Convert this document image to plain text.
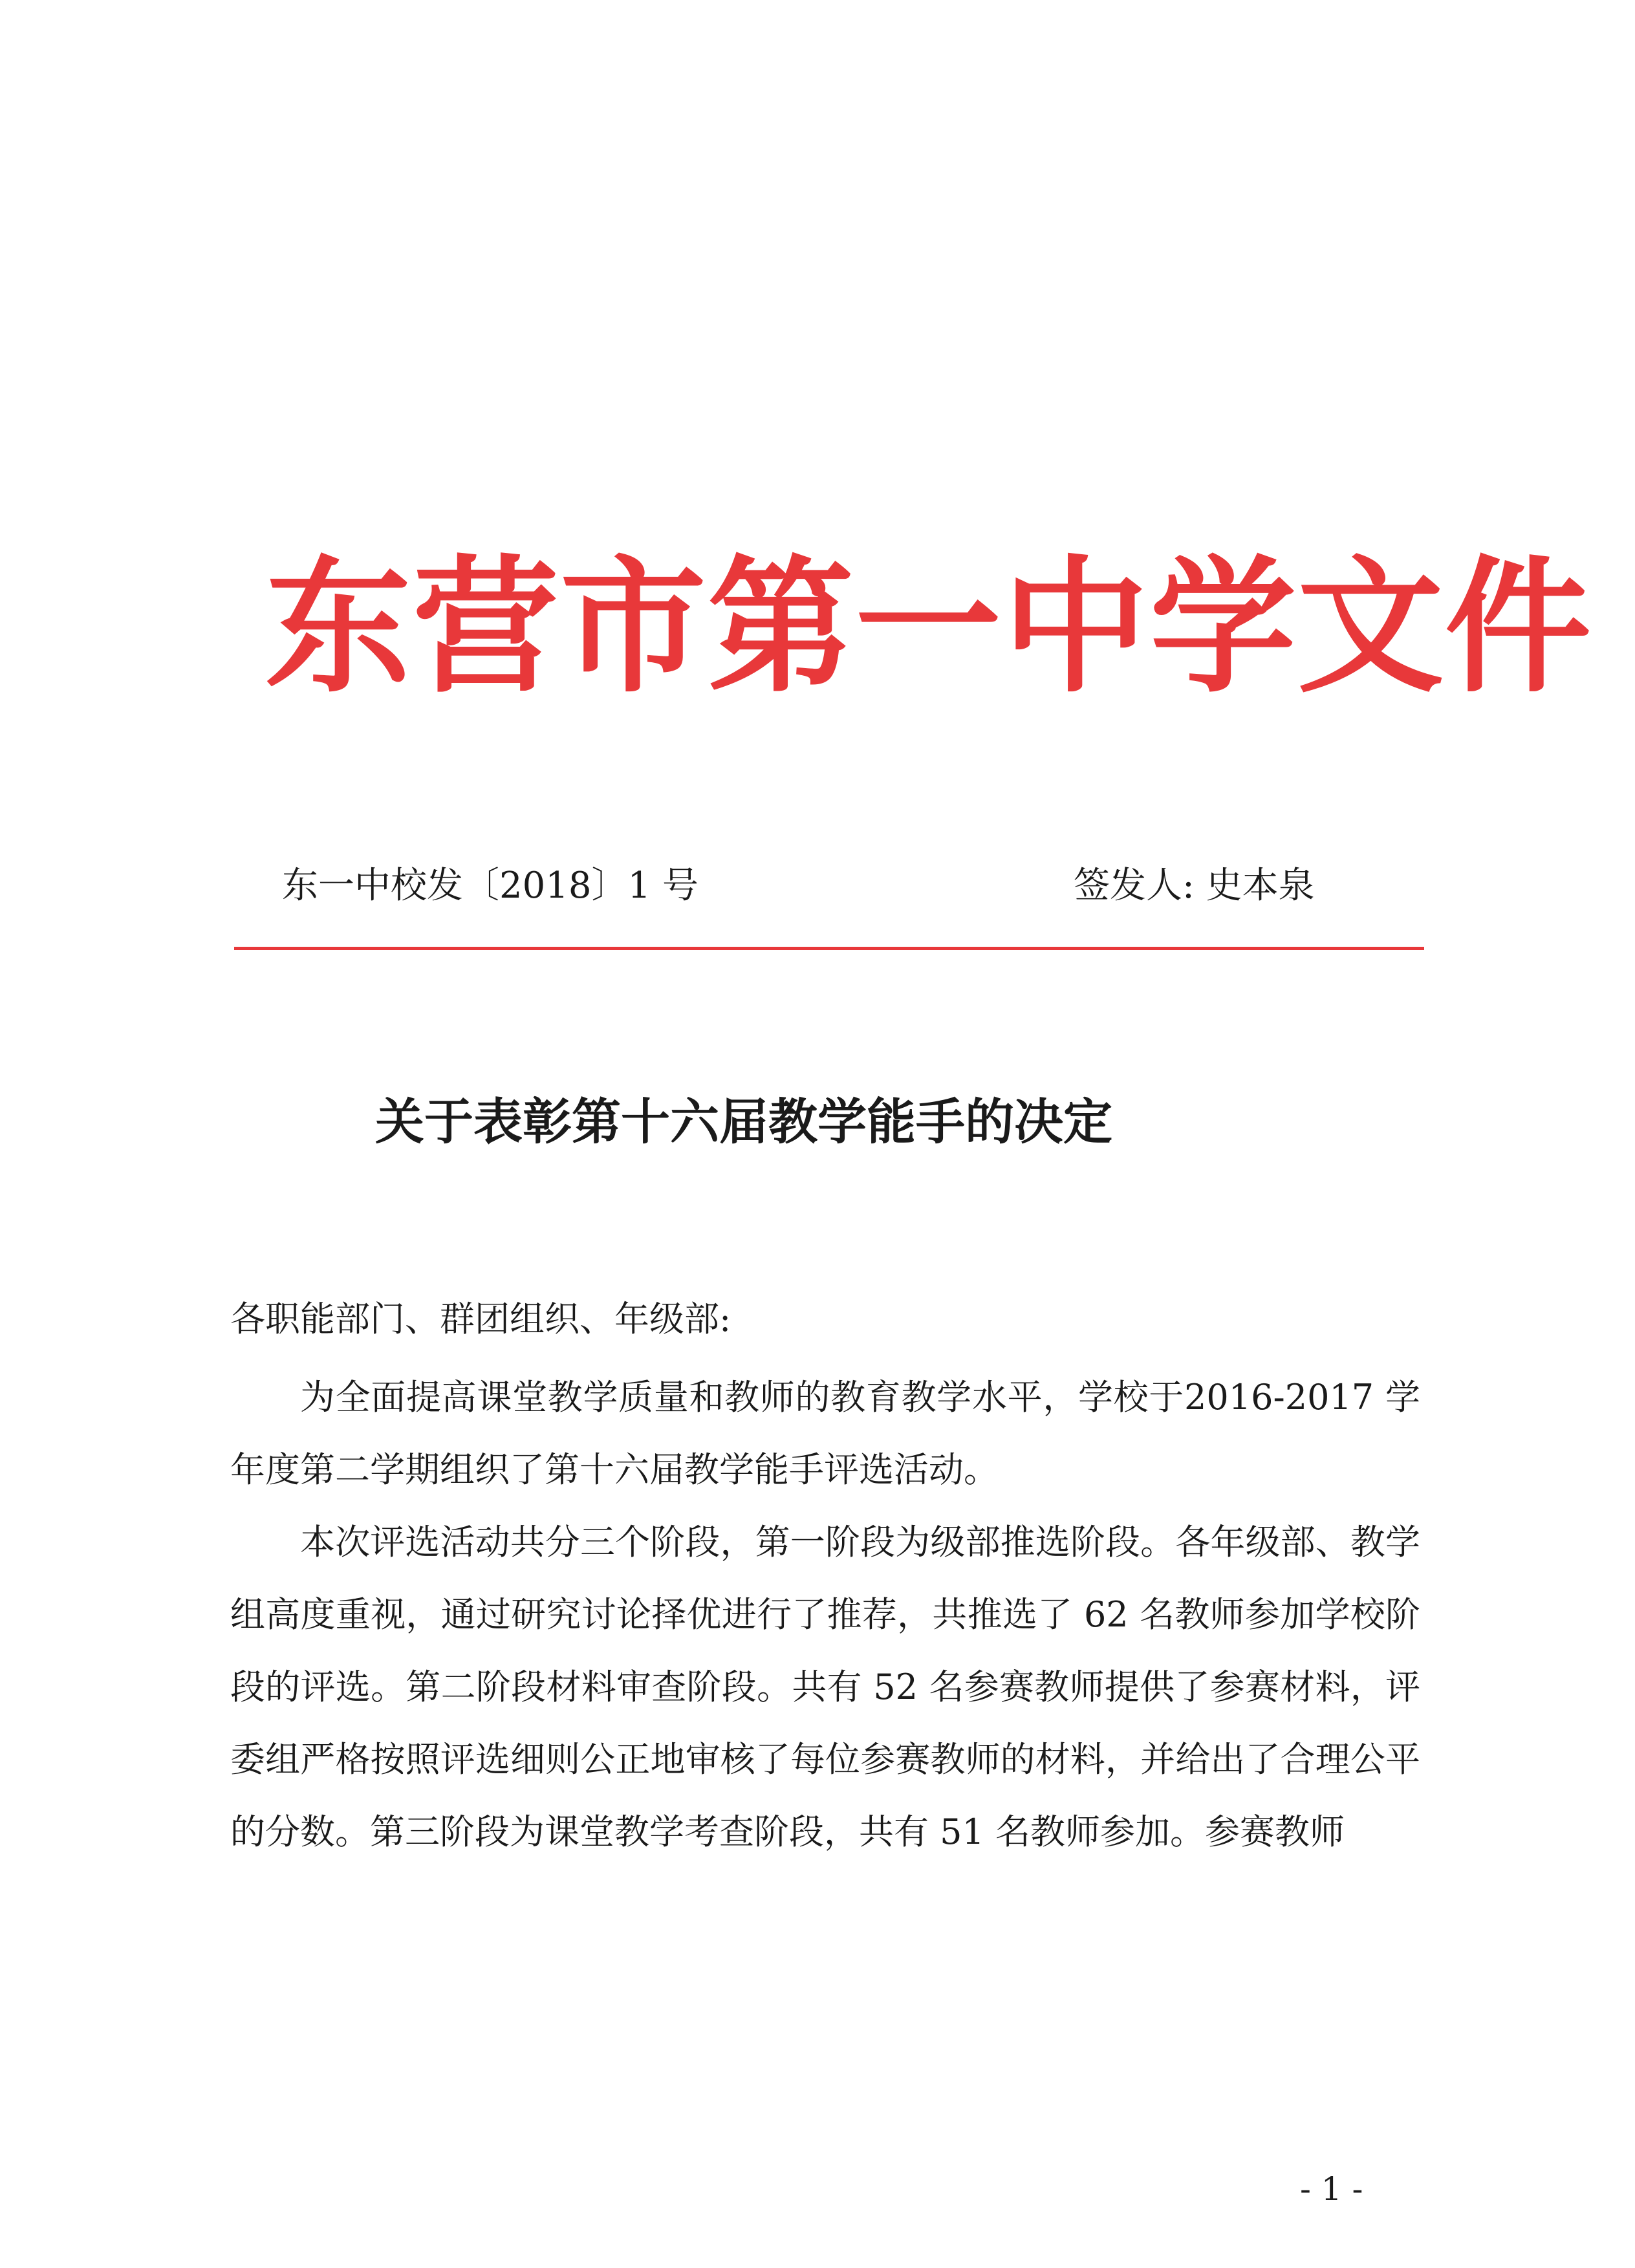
东营市第一中学文件
东一中校发〔2018〕1 号	签发人: 史本泉
关于表彰第十六届教学能手的决定
各职能部门、群团组织、年级部:

为全面提高课堂教学质量和教师的教育教学水平，学校于2016-2017 学年度第二学期组织了第十六届教学能手评选活动。

本次评选活动共分三个阶段，第一阶段为级部推选阶段。各年级部、教学组高度重视，通过研究讨论择优进行了推荐，共推选了 62 名教师参加学校阶段的评选。第二阶段材料审查阶段。共有 52 名参赛教师提供了参赛材料，评委组严格按照评选细则公正地审核了每位参赛教师的材料，并给出了合理公平的分数。第三阶段为课堂教学考查阶段，共有 51 名教师参加。参赛教师

- 1 -
